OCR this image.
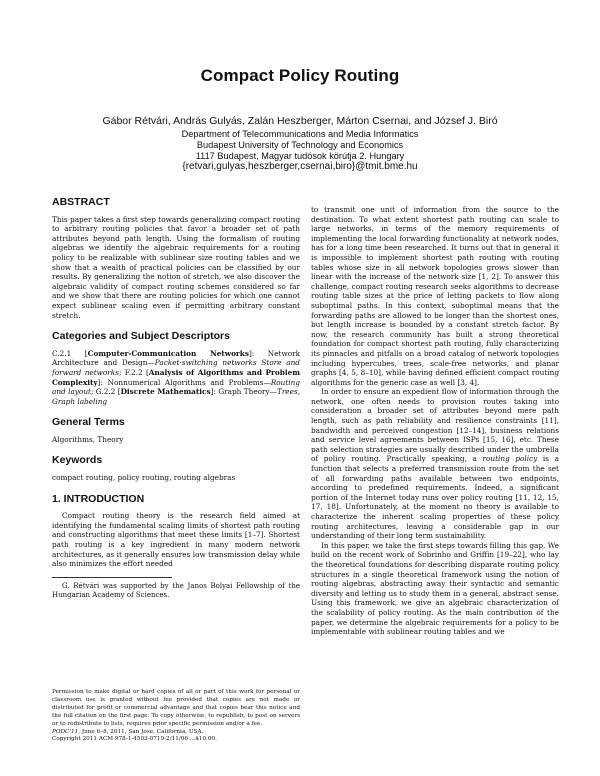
Compact Policy Routing
Gábor Rétvári, András Gulyás, Zalán Heszberger, Márton Csernai, and József J. Biró
Department of Telecommunications and Media Informatics
Budapest University of Technology and Economics
1117 Budapest, Magyar tudósok körútja 2. Hungary
{retvari,gulyas,heszberger,csernai,biro}@tmit.bme.hu
ABSTRACT

This paper takes a first step towards generalizing compact routing to arbitrary routing policies that favor a broader set of path attributes beyond path length. Using the formalism of routing algebras we identify the algebraic requirements for a routing policy to be realizable with sublinear size routing tables and we show that a wealth of practical policies can be classified by our results. By generalizing the notion of stretch, we also discover the algebraic validity of compact routing schemes considered so far and we show that there are routing policies for which one cannot expect sublinear scaling even if permitting arbitrary constant stretch.

Categories and Subject Descriptors

C.2.1 [Computer-Communication Networks]: Network Architecture and Design—Packet-switching networks Store and forward networks; F.2.2 [Analysis of Algorithms and Problem Complexity]: Nonnumerical Algorithms and Problems—Routing and layout; G.2.2 [Discrete Mathematics]: Graph Theory—Trees, Graph labeling

General Terms

Algorithms, Theory

Keywords

compact routing, policy routing, routing algebras

1. INTRODUCTION

Compact routing theory is the research field aimed at identifying the fundamental scaling limits of shortest path routing and constructing algorithms that meet these limits [1–7]. Shortest path routing is a key ingredient in many modern network architectures, as it generally ensures low transmission delay while also minimizes the effort needed

G. Rétvári was supported by the Janos Bolyai Fellowship of the Hungarian Academy of Sciences.

Permission to make digital or hard copies of all or part of this work for personal or classroom use is granted without fee provided that copies are not made or distributed for profit or commercial advantage and that copies bear this notice and the full citation on the first page. To copy otherwise, to republish, to post on servers or to redistribute to lists, requires prior specific permission and/or a fee.

PODC'11, June 6–8, 2011, San Jose, California, USA.

Copyright 2011 ACM 978-1-4503-0719-2/11/06 ...$10.00.

to transmit one unit of information from the source to the destination. To what extent shortest path routing can scale to large networks, in terms of the memory requirements of implementing the local forwarding functionality at network nodes, has for a long time been researched. It turns out that in general it is impossible to implement shortest path routing with routing tables whose size in all network topologies grows slower than linear with the increase of the network size [1, 2]. To answer this challenge, compact routing research seeks algorithms to decrease routing table sizes at the price of letting packets to flow along suboptimal paths. In this context, suboptimal means that the forwarding paths are allowed to be longer than the shortest ones, but length increase is bounded by a constant stretch factor. By now, the research community has built a strong theoretical foundation for compact shortest path routing, fully characterizing its pinnacles and pitfalls on a broad catalog of network topologies including hypercubes, trees, scale-free networks, and planar graphs [4, 5, 8–10], while having defined efficient compact routing algorithms for the generic case as well [3, 4].

In order to ensure an expedient flow of information through the network, one often needs to provision routes taking into consideration a broader set of attributes beyond mere path length, such as path reliability and resilience constraints [11], bandwidth and perceived congestion [12–14], business relations and service level agreements between ISPs [15, 16], etc. These path selection strategies are usually described under the umbrella of policy routing. Practically speaking, a routing policy is a function that selects a preferred transmission route from the set of all forwarding paths available between two endpoints, according to predefined requirements. Indeed, a significant portion of the Internet today runs over policy routing [11, 12, 15, 17, 18]. Unfortunately, at the moment no theory is available to characterize the inherent scaling properties of these policy routing architectures, leaving a considerable gap in our understanding of their long term sustainability.

In this paper, we take the first steps towards filling this gap. We build on the recent work of Sobrinho and Griffin [19–22], who lay the theoretical foundations for describing disparate routing policy structures in a single theoretical framework using the notion of routing algebras, abstracting away their syntactic and semantic diversity and letting us to study them in a general, abstract sense. Using this framework, we give an algebraic characterization of the scalability of policy routing. As the main contribution of the paper, we determine the algebraic requirements for a policy to be implementable with sublinear routing tables and we
